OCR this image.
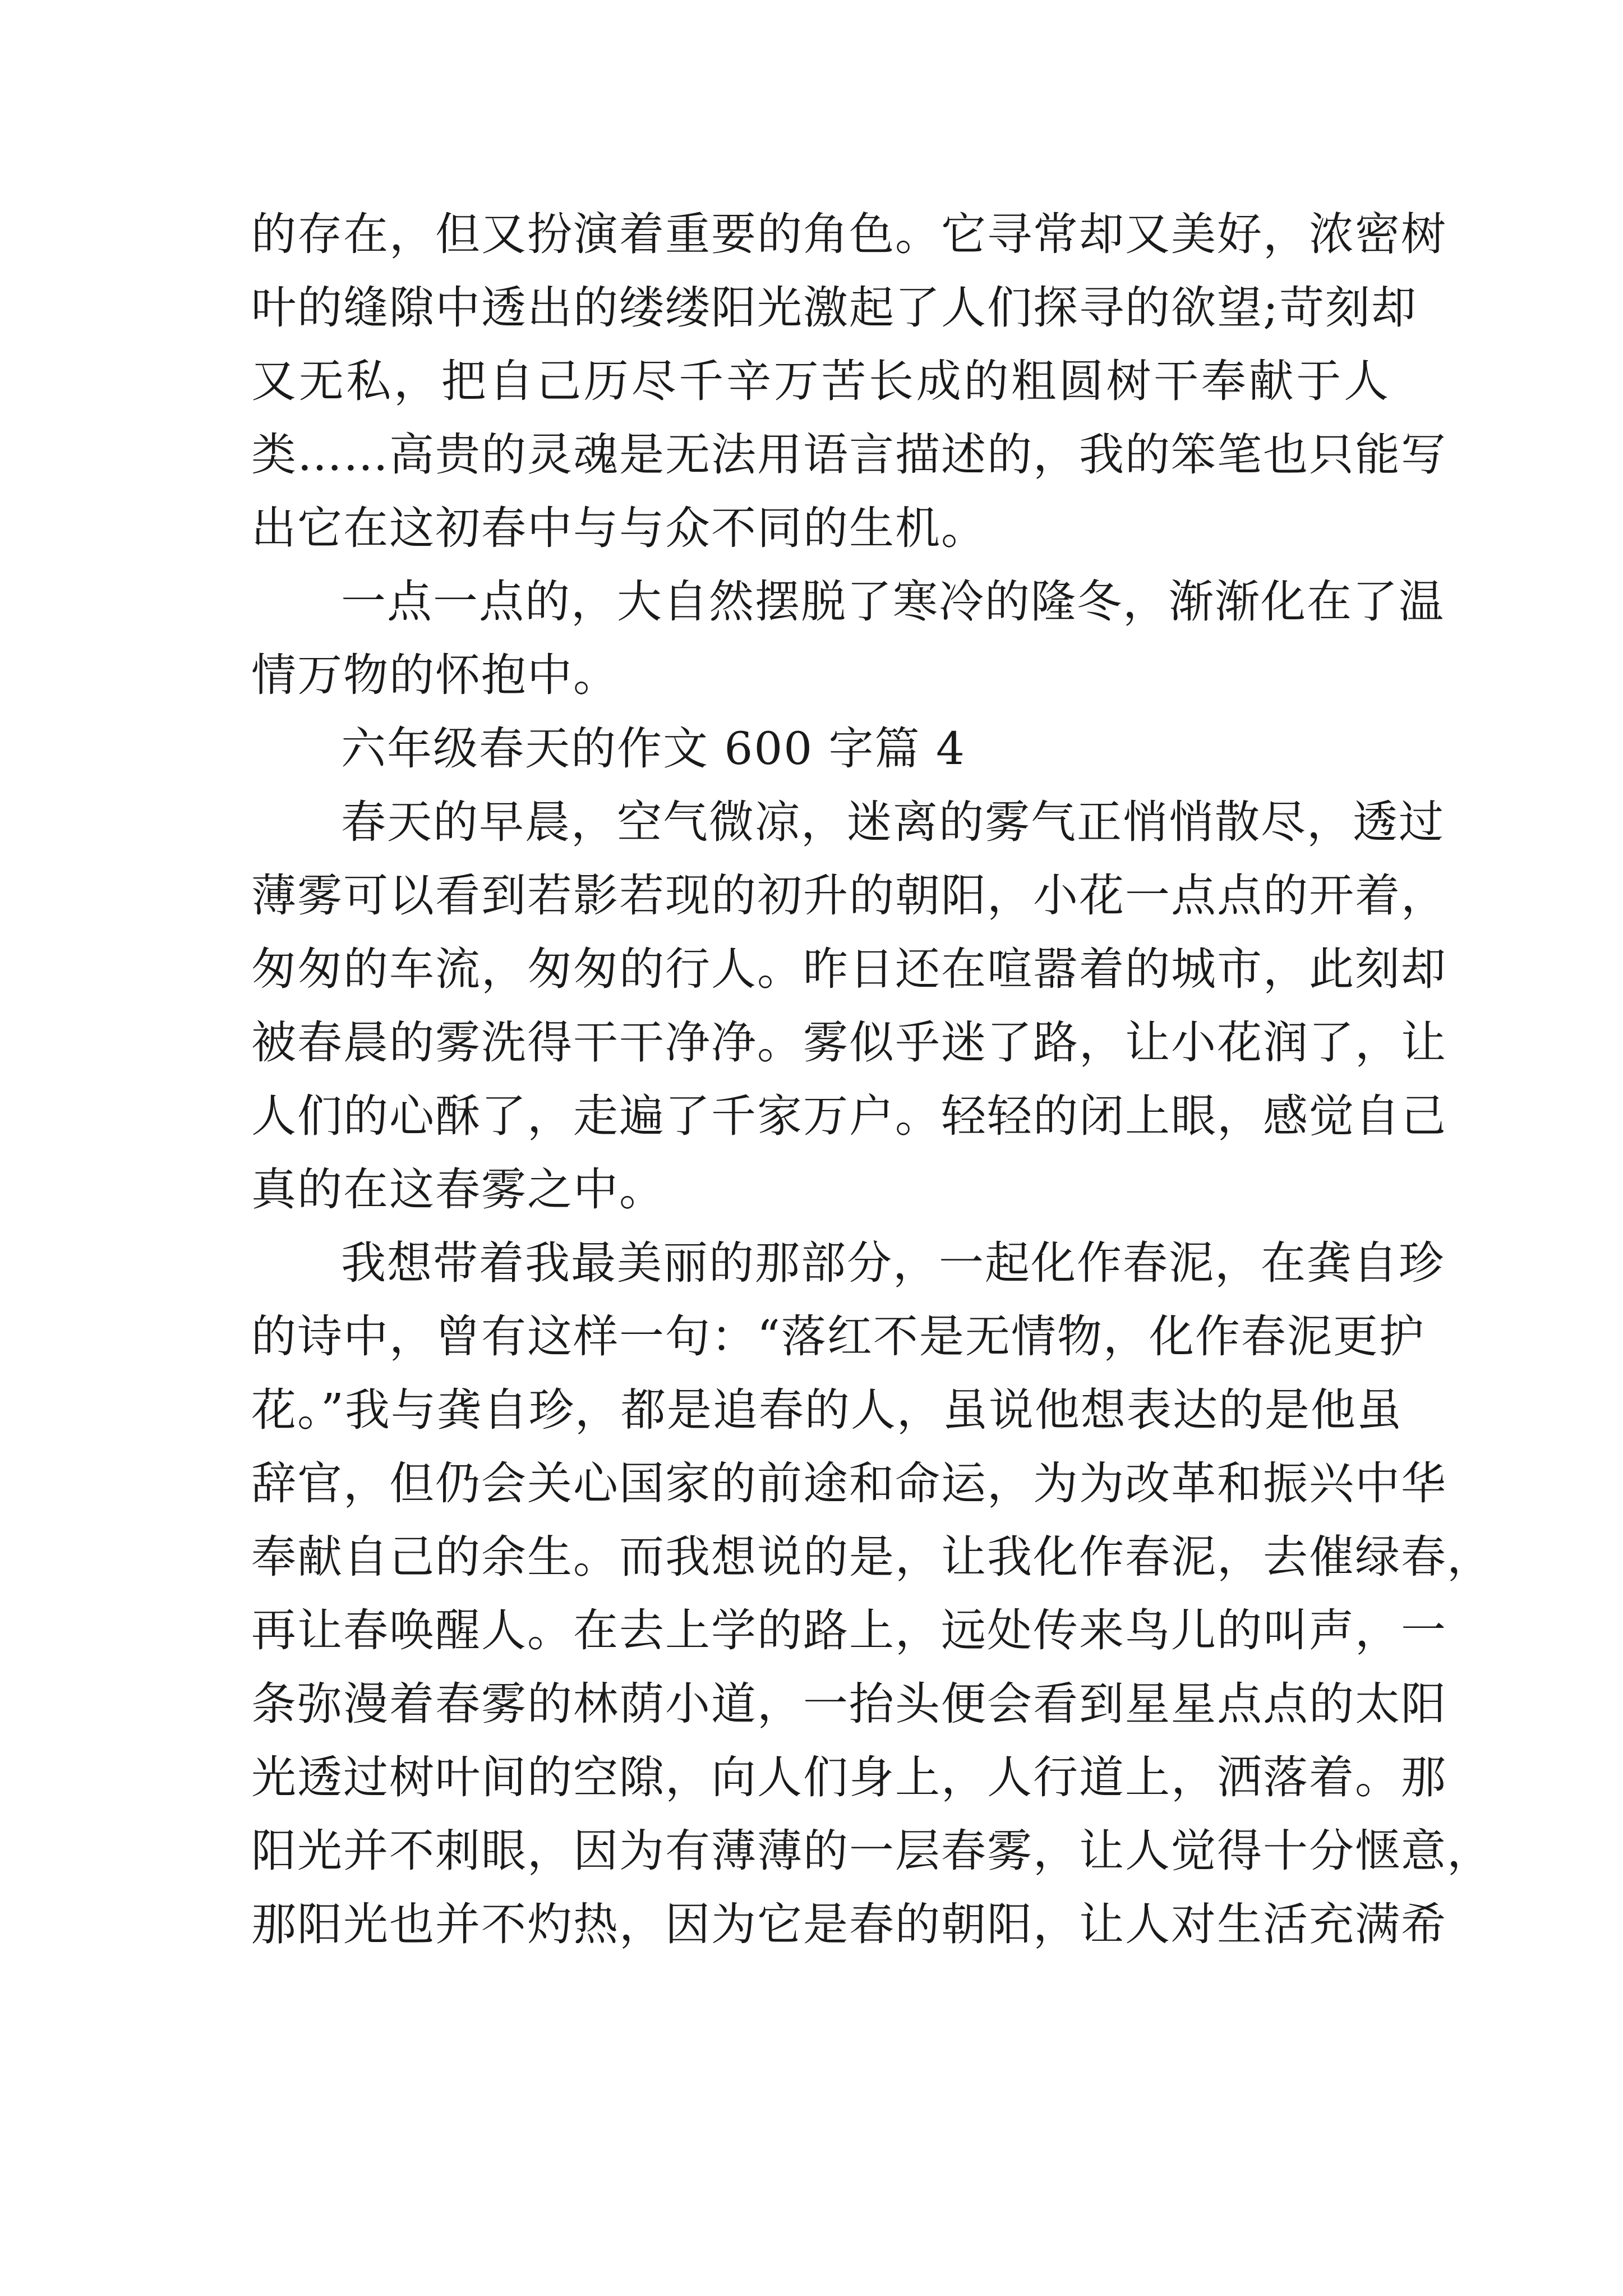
的存在，但又扮演着重要的角色。它寻常却又美好，浓密树
叶的缝隙中透出的缕缕阳光激起了人们探寻的欲望;苛刻却
又无私，把自己历尽千辛万苦长成的粗圆树干奉献于人
类……高贵的灵魂是无法用语言描述的，我的笨笔也只能写
出它在这初春中与与众不同的生机。
一点一点的，大自然摆脱了寒冷的隆冬，渐渐化在了温
情万物的怀抱中。
六年级春天的作文 600 字篇 4
春天的早晨，空气微凉，迷离的雾气正悄悄散尽，透过
薄雾可以看到若影若现的初升的朝阳，小花一点点的开着，
匆匆的车流，匆匆的行人。昨日还在喧嚣着的城市，此刻却
被春晨的雾洗得干干净净。雾似乎迷了路，让小花润了，让
人们的心酥了，走遍了千家万户。轻轻的闭上眼，感觉自己
真的在这春雾之中。
我想带着我最美丽的那部分，一起化作春泥，在龚自珍
的诗中，曾有这样一句：“落红不是无情物，化作春泥更护
花。”我与龚自珍，都是追春的人，虽说他想表达的是他虽
辞官，但仍会关心国家的前途和命运，为为改革和振兴中华
奉献自己的余生。而我想说的是，让我化作春泥，去催绿春，
再让春唤醒人。在去上学的路上，远处传来鸟儿的叫声，一
条弥漫着春雾的林荫小道，一抬头便会看到星星点点的太阳
光透过树叶间的空隙，向人们身上，人行道上，洒落着。那
阳光并不刺眼，因为有薄薄的一层春雾，让人觉得十分惬意，
那阳光也并不灼热，因为它是春的朝阳，让人对生活充满希
